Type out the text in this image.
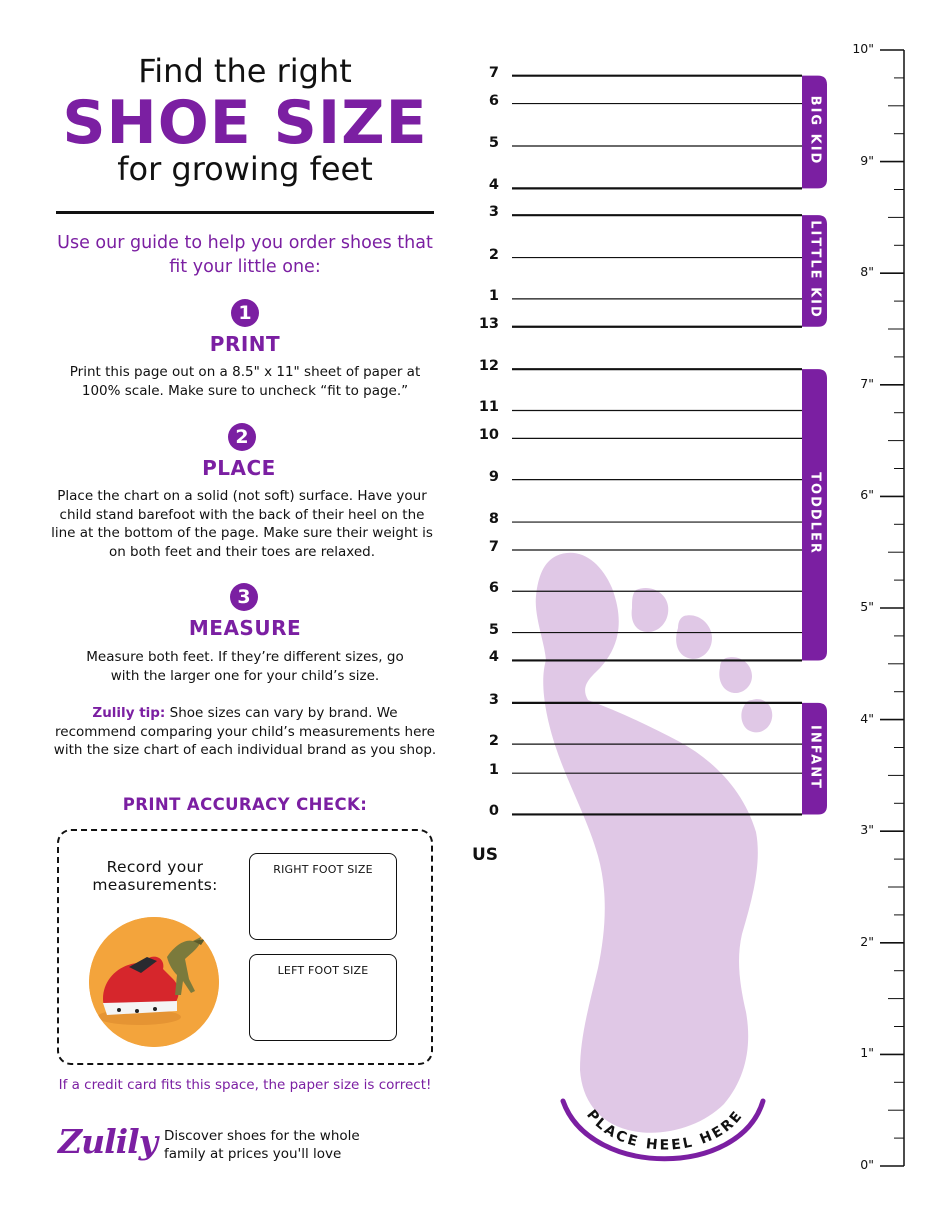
Find the right
SHOE SIZE
for growing feet
Use our guide to help you order shoes that fit your little one:
1
PRINT
Print this page out on a 8.5" x 11" sheet of paper at 100% scale. Make sure to uncheck “fit to page.”
2
PLACE
Place the chart on a solid (not soft) surface. Have your child stand barefoot with the back of their heel on the line at the bottom of the page. Make sure their weight is on both feet and their toes are relaxed.
3
MEASURE
Measure both feet. If they’re different sizes, go with the larger one for your child’s size.
Zulily tip: Shoe sizes can vary by brand. We recommend comparing your child’s measurements here with the size chart of each individual brand as you shop.
PRINT ACCURACY CHECK:
Record your measurements:
RIGHT FOOT SIZE
LEFT FOOT SIZE
If a credit card fits this space, the paper size is correct!
Zulily Discover shoes for the whole family at prices you'll love
PLACE HEEL HERE
US
0
1
2
3
4
5
6
7
8
9
10
11
12
13
1
2
3
4
5
6
7
INFANT
TODDLER
LITTLE KID
BIG KID
0"
1"
2"
3"
4"
5"
6"
7"
8"
9"
10"
